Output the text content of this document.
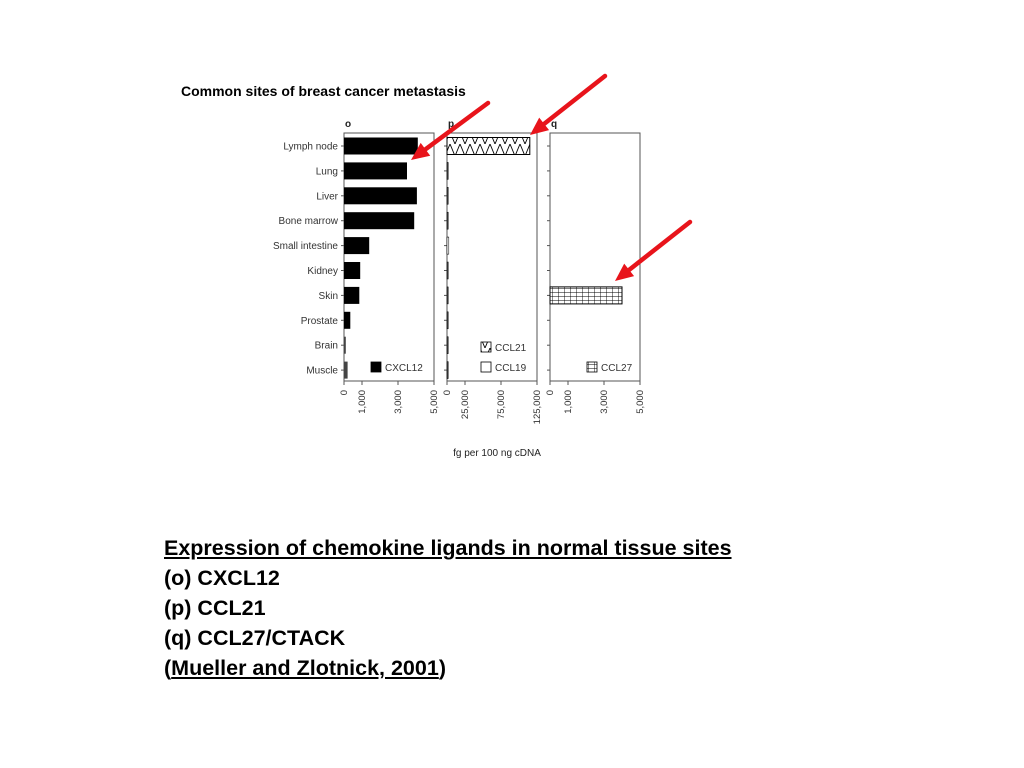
Common sites of breast cancer metastasis
o
Lymph node
Lung
Liver
Bone marrow
Small intestine
Kidney
Skin
Prostate
Brain
Muscle
0 1,000	3,000	5,000
CXCL12
p
0 25,000	75,000	125,000
CCL21
CCL19
q
0 1,000	3,000	5,000
CCL27
fg per 100 ng cDNA
Expression of chemokine ligands in normal tissue sites
(o) CXCL12
(p) CCL21
(q) CCL27/CTACK
(Mueller and Zlotnick, 2001)
